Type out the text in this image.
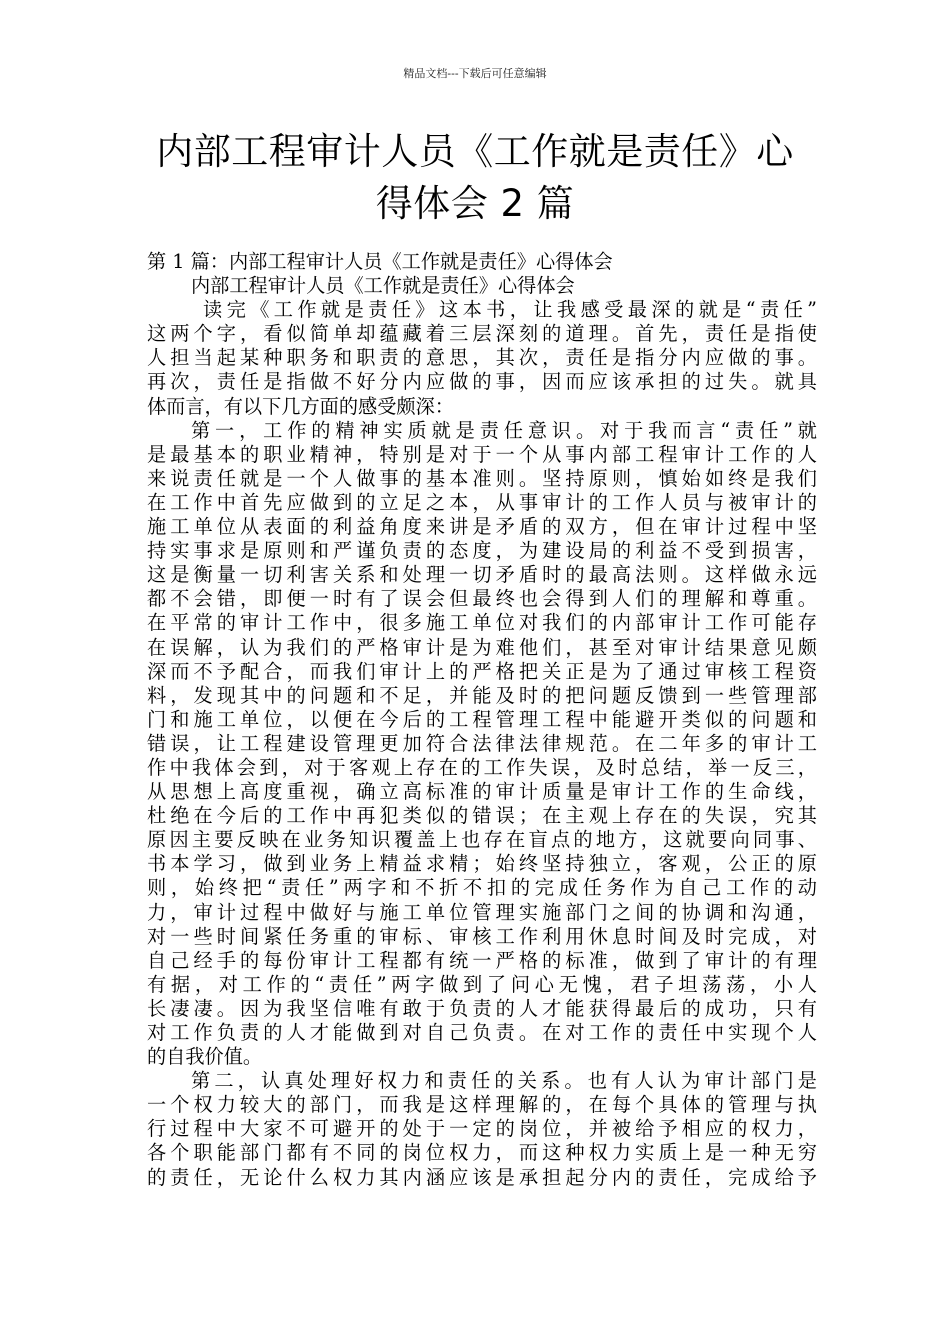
精品文档---下载后可任意编辑
内部工程审计人员《工作就是责任》心
得体会 2 篇
第 1 篇：内部工程审计人员《工作就是责任》心得体会
内部工程审计人员《工作就是责任》心得体会
读完《工作就是责任》这本书，让我感受最深的就是“责任”
这两个字，看似简单却蕴藏着三层深刻的道理。首先，责任是指使
人担当起某种职务和职责的意思，其次，责任是指分内应做的事。
再次，责任是指做不好分内应做的事，因而应该承担的过失。就具
体而言，有以下几方面的感受颇深：
第一，工作的精神实质就是责任意识。对于我而言“责任”就
是最基本的职业精神，特别是对于一个从事内部工程审计工作的人
来说责任就是一个人做事的基本准则。坚持原则，慎始如终是我们
在工作中首先应做到的立足之本，从事审计的工作人员与被审计的
施工单位从表面的利益角度来讲是矛盾的双方，但在审计过程中坚
持实事求是原则和严谨负责的态度，为建设局的利益不受到损害，
这是衡量一切利害关系和处理一切矛盾时的最高法则。这样做永远
都不会错，即便一时有了误会但最终也会得到人们的理解和尊重。
在平常的审计工作中，很多施工单位对我们的内部审计工作可能存
在误解，认为我们的严格审计是为难他们，甚至对审计结果意见颇
深而不予配合，而我们审计上的严格把关正是为了通过审核工程资
料，发现其中的问题和不足，并能及时的把问题反馈到一些管理部
门和施工单位，以便在今后的工程管理工程中能避开类似的问题和
错误，让工程建设管理更加符合法律法律规范。在二年多的审计工
作中我体会到，对于客观上存在的工作失误，及时总结，举一反三，
从思想上高度重视，确立高标准的审计质量是审计工作的生命线，
杜绝在今后的工作中再犯类似的错误；在主观上存在的失误，究其
原因主要反映在业务知识覆盖上也存在盲点的地方，这就要向同事、
书本学习，做到业务上精益求精；始终坚持独立，客观，公正的原
则，始终把“责任”两字和不折不扣的完成任务作为自己工作的动
力，审计过程中做好与施工单位管理实施部门之间的协调和沟通，
对一些时间紧任务重的审标、审核工作利用休息时间及时完成，对
自己经手的每份审计工程都有统一严格的标准，做到了审计的有理
有据，对工作的“责任”两字做到了问心无愧，君子坦荡荡，小人
长凄凄。因为我坚信唯有敢于负责的人才能获得最后的成功，只有
对工作负责的人才能做到对自己负责。在对工作的责任中实现个人
的自我价值。
第二，认真处理好权力和责任的关系。也有人认为审计部门是
一个权力较大的部门，而我是这样理解的，在每个具体的管理与执
行过程中大家不可避开的处于一定的岗位，并被给予相应的权力，
各个职能部门都有不同的岗位权力，而这种权力实质上是一种无穷
的责任，无论什么权力其内涵应该是承担起分内的责任，完成给予
